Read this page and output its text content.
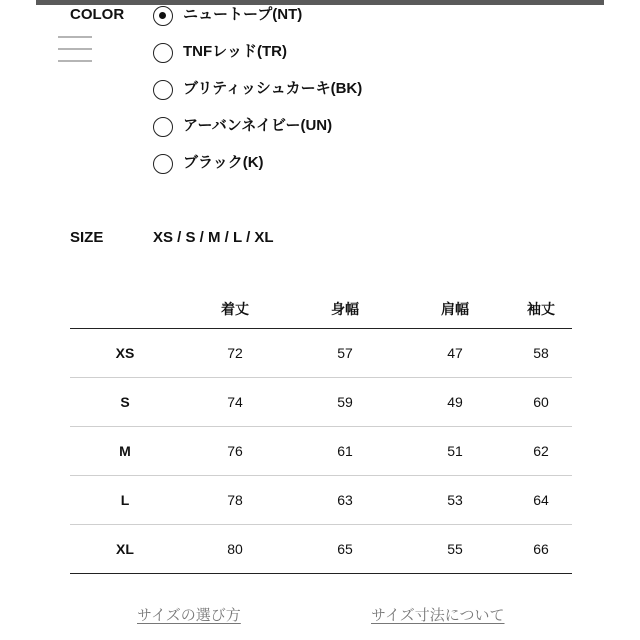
COLOR	ニュートープ(NT)
TNFレッド(TR)
ブリティッシュカーキ(BK)
アーバンネイビー(UN)
ブラック(K)
SIZE	XS / S / M / L / XL
	着丈	身幅	肩幅	袖丈
XS	72	57	47	58
S	74	59	49	60
M	76	61	51	62
L	78	63	53	64
XL	80	65	55	66
サイズの選び方	サイズ寸法について
